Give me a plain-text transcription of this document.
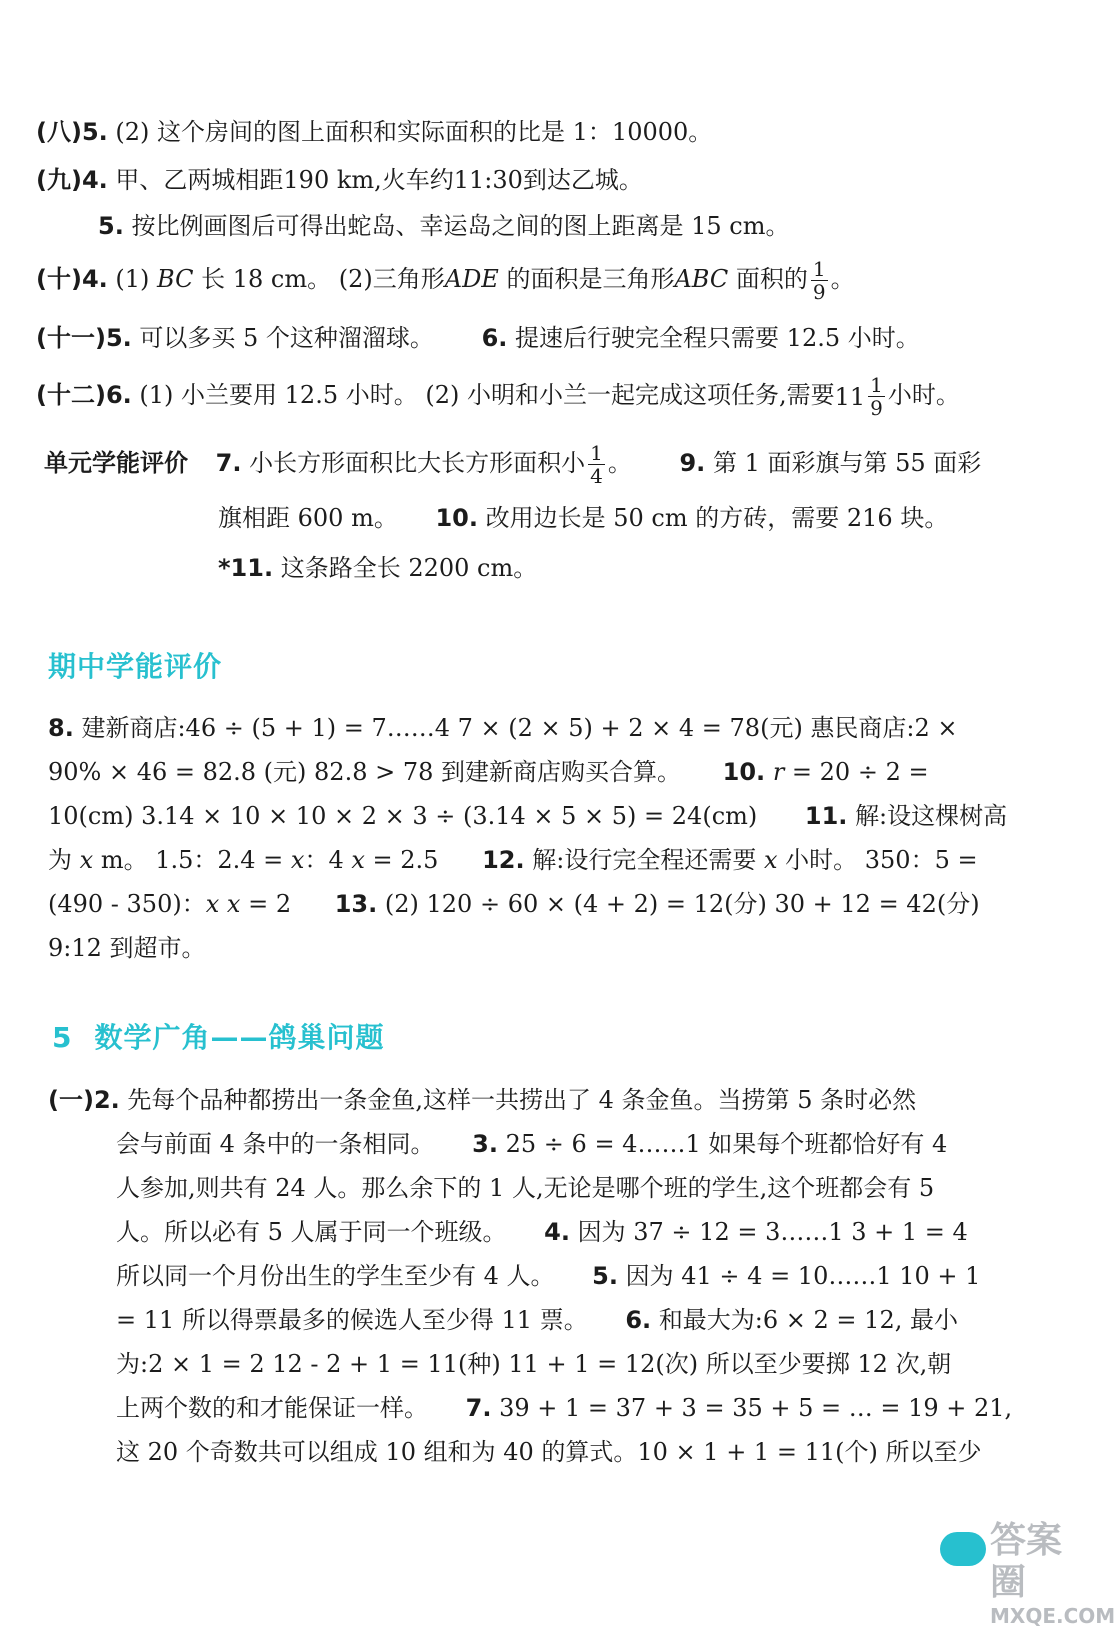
(八)5. (2) 这个房间的图上面积和实际面积的比是 1：10000。
(九)4. 甲、乙两城相距190 km,火车约11:30到达乙城。
5. 按比例画图后可得出蛇岛、幸运岛之间的图上距离是 15 cm。
(十)4. (1) BC 长 18 cm。 (2)三角形ADE 的面积是三角形ABC 面积的 $\frac{1}{9}$ 。
(十一)5. 可以多买 5 个这种溜溜球。 6. 提速后行驶完全程只需要 12.5 小时。
(十二)6. (1) 小兰要用 12.5 小时。 (2) 小明和小兰一起完成这项任务,需要 $11 \frac{1}{9}$ 小时。
单元学能评价 7. 小长方形面积比大长方形面积小 $\frac{1}{4}$ 。 9. 第 1 面彩旗与第 55 面彩
旗相距 600 m。 10. 改用边长是 50 cm 的方砖，需要 216 块。
*11. 这条路全长 2200 cm。
期中学能评价
8. 建新商店:46 ÷ (5 + 1) = 7……4 7 × (2 × 5) + 2 × 4 = 78(元) 惠民商店:2 ×
90% × 46 = 82.8 (元) 82.8 > 78 到建新商店购买合算。 10. r = 20 ÷ 2 =
10(cm) 3.14 × 10 × 10 × 2 × 3 ÷ (3.14 × 5 × 5) = 24(cm) 11. 解:设这棵树高
为 x m。 1.5：2.4 = x：4 x = 2.5 12. 解:设行完全程还需要 x 小时。 350：5 =
(490 - 350)：x x = 2 13. (2) 120 ÷ 60 × (4 + 2) = 12(分) 30 + 12 = 42(分)
9:12 到超市。
5 数学广角——鸽巢问题
(一)2. 先每个品种都捞出一条金鱼,这样一共捞出了 4 条金鱼。当捞第 5 条时必然
会与前面 4 条中的一条相同。 3. 25 ÷ 6 = 4……1 如果每个班都恰好有 4
人参加,则共有 24 人。那么余下的 1 人,无论是哪个班的学生,这个班都会有 5
人。所以必有 5 人属于同一个班级。 4. 因为 37 ÷ 12 = 3……1 3 + 1 = 4
所以同一个月份出生的学生至少有 4 人。 5. 因为 41 ÷ 4 = 10……1 10 + 1
= 11 所以得票最多的候选人至少得 11 票。 6. 和最大为:6 × 2 = 12, 最小
为:2 × 1 = 2 12 - 2 + 1 = 11(种) 11 + 1 = 12(次) 所以至少要掷 12 次,朝
上两个数的和才能保证一样。 7. 39 + 1 = 37 + 3 = 35 + 5 = … = 19 + 21,
这 20 个奇数共可以组成 10 组和为 40 的算式。10 × 1 + 1 = 11(个) 所以至少
答案圈
MXQE.COM
